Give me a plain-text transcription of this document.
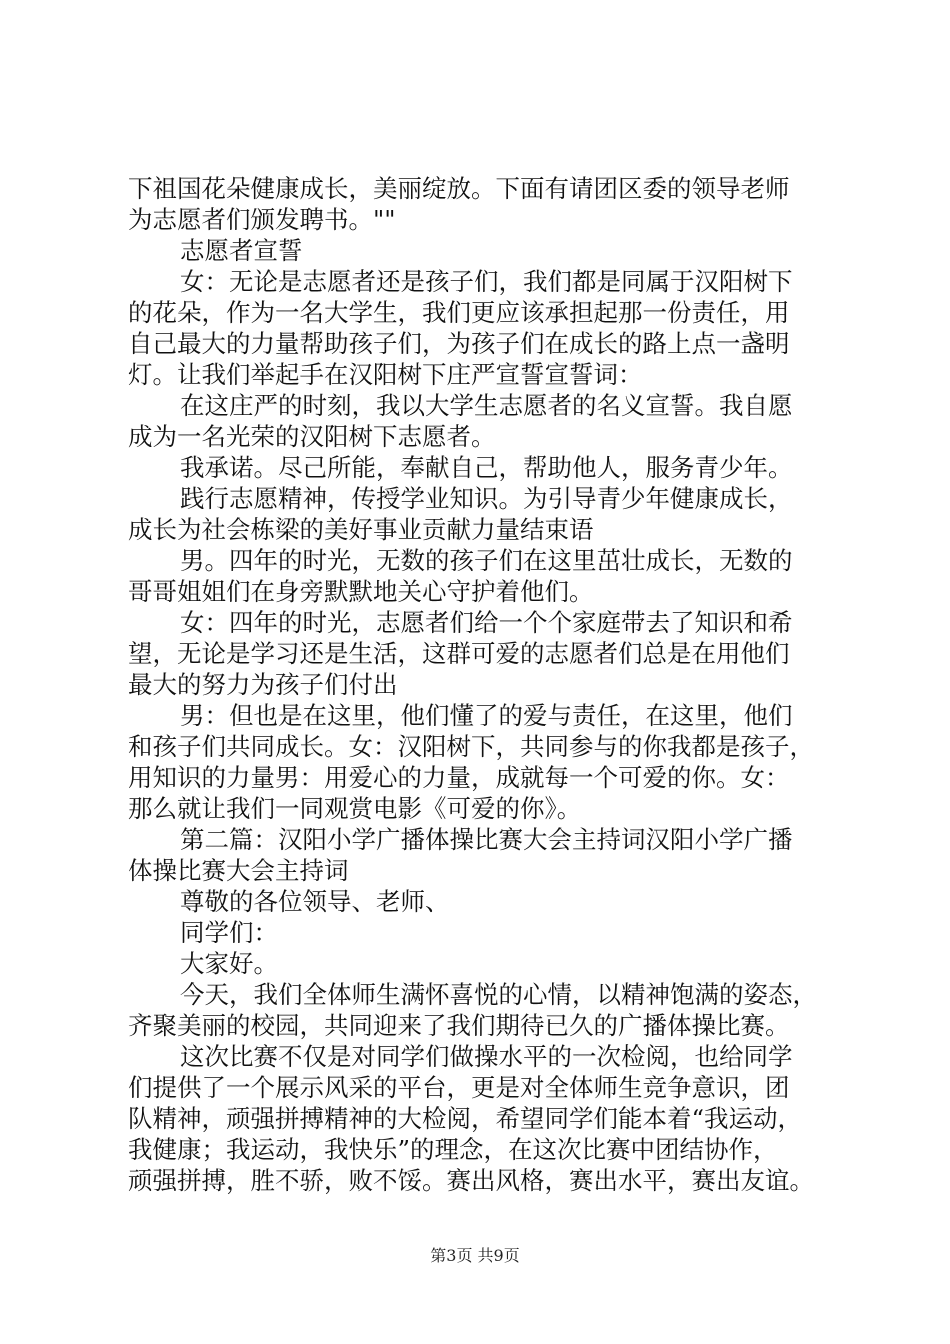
下祖国花朵健康成长，美丽绽放。下面有请团区委的领导老师
为志愿者们颁发聘书。""
志愿者宣誓
女：无论是志愿者还是孩子们，我们都是同属于汉阳树下
的花朵，作为一名大学生，我们更应该承担起那一份责任，用
自己最大的力量帮助孩子们，为孩子们在成长的路上点一盏明
灯。让我们举起手在汉阳树下庄严宣誓宣誓词：
在这庄严的时刻，我以大学生志愿者的名义宣誓。我自愿
成为一名光荣的汉阳树下志愿者。
我承诺。尽己所能，奉献自己，帮助他人，服务青少年。
践行志愿精神，传授学业知识。为引导青少年健康成长，
成长为社会栋梁的美好事业贡献力量结束语
男。四年的时光，无数的孩子们在这里茁壮成长，无数的
哥哥姐姐们在身旁默默地关心守护着他们。
女：四年的时光，志愿者们给一个个家庭带去了知识和希
望，无论是学习还是生活，这群可爱的志愿者们总是在用他们
最大的努力为孩子们付出
男：但也是在这里，他们懂了的爱与责任，在这里，他们
和孩子们共同成长。女：汉阳树下，共同参与的你我都是孩子，
用知识的力量男：用爱心的力量，成就每一个可爱的你。女：
那么就让我们一同观赏电影《可爱的你》。
第二篇：汉阳小学广播体操比赛大会主持词汉阳小学广播
体操比赛大会主持词
尊敬的各位领导、老师、
同学们：
大家好。
今天，我们全体师生满怀喜悦的心情，以精神饱满的姿态，
齐聚美丽的校园，共同迎来了我们期待已久的广播体操比赛。
这次比赛不仅是对同学们做操水平的一次检阅，也给同学
们提供了一个展示风采的平台，更是对全体师生竞争意识，团
队精神，顽强拼搏精神的大检阅，希望同学们能本着“我运动，
我健康；我运动，我快乐”的理念，在这次比赛中团结协作，
顽强拼搏，胜不骄，败不馁。赛出风格，赛出水平，赛出友谊。
第3页 共9页
